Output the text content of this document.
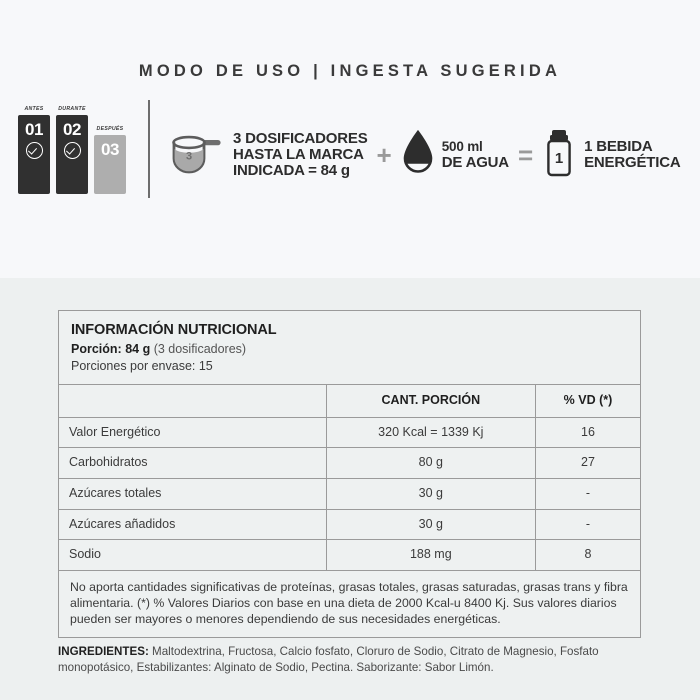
MODO DE USO | INGESTA SUGERIDA
ANTES
01
DURANTE
02	DESPUÉS
03	3
3 DOSIFICADORES
HASTA LA MARCA
INDICADA = 84 g
+	500 ml
DE AGUA = 1
1 BEBIDA
ENERGÉTICA
INFORMACIÓN NUTRICIONAL
Porción: 84 g (3 dosificadores)
Porciones por envase: 15
	CANT. PORCIÓN	% VD (*)
Valor Energético	320 Kcal = 1339 Kj	16
Carbohidratos	80 g	27
Azúcares totales	30 g	-
Azúcares añadidos	30 g	-
Sodio	188 mg	8
No aporta cantidades significativas de proteínas, grasas totales, grasas saturadas, grasas trans y fibra alimentaria. (*) % Valores Diarios con base en una dieta de 2000 Kcal-u 8400 Kj. Sus valores diarios pueden ser mayores o menores dependiendo de sus necesidades energéticas.
INGREDIENTES: Maltodextrina, Fructosa, Calcio fosfato, Cloruro de Sodio, Citrato de Magnesio, Fosfato monopotásico, Estabilizantes: Alginato de Sodio, Pectina. Saborizante: Sabor Limón.
